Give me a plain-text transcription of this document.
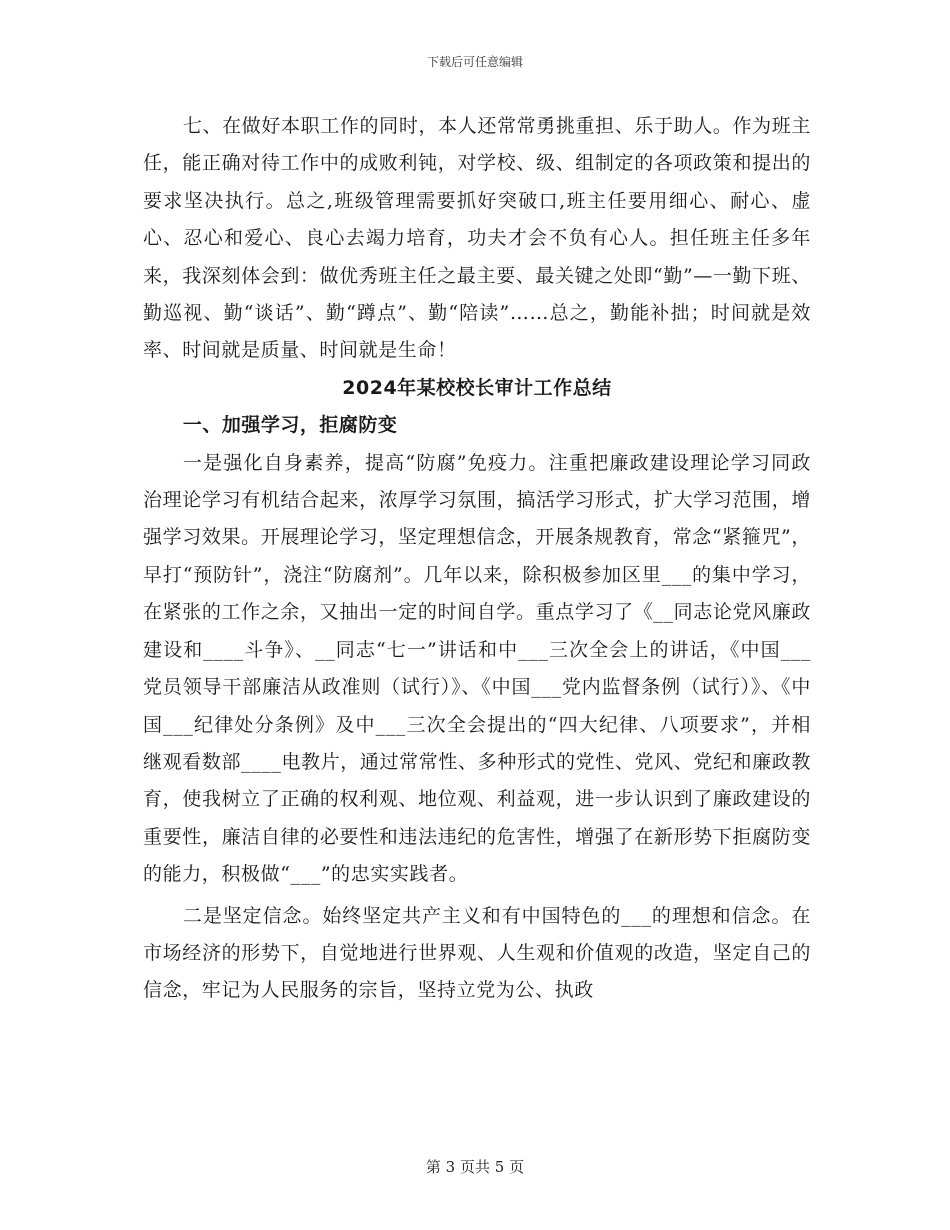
下载后可任意编辑

七、在做好本职工作的同时，本人还常常勇挑重担、乐于助人。作为班主任，能正确对待工作中的成败利钝，对学校、级、组制定的各项政策和提出的要求坚决执行。总之,班级管理需要抓好突破口,班主任要用细心、耐心、虚心、忍心和爱心、良心去竭力培育，功夫才会不负有心人。担任班主任多年来，我深刻体会到：做优秀班主任之最主要、最关键之处即“勤”—一勤下班、勤巡视、勤“谈话”、勤“蹲点”、勤“陪读”……总之，勤能补拙；时间就是效率、时间就是质量、时间就是生命！

2024年某校校长审计工作总结
一、加强学习，拒腐防变

一是强化自身素养，提高“防腐”免疫力。注重把廉政建设理论学习同政治理论学习有机结合起来，浓厚学习氛围，搞活学习形式，扩大学习范围，增强学习效果。开展理论学习，坚定理想信念，开展条规教育，常念“紧箍咒”，早打“预防针”，浇注“防腐剂”。几年以来，除积极参加区里___的集中学习，在紧张的工作之余，又抽出一定的时间自学。重点学习了《__同志论党风廉政建设和____斗争》、__同志“七一”讲话和中___三次全会上的讲话，《中国___党员领导干部廉洁从政准则（试行）》、《中国___党内监督条例（试行）》、《中国___纪律处分条例》及中___三次全会提出的“四大纪律、八项要求”，并相继观看数部____电教片，通过常常性、多种形式的党性、党风、党纪和廉政教育，使我树立了正确的权利观、地位观、利益观，进一步认识到了廉政建设的重要性，廉洁自律的必要性和违法违纪的危害性，增强了在新形势下拒腐防变的能力，积极做“___”的忠实实践者。

二是坚定信念。始终坚定共产主义和有中国特色的___的理想和信念。在市场经济的形势下，自觉地进行世界观、人生观和价值观的改造，坚定自己的信念，牢记为人民服务的宗旨，坚持立党为公、执政

第 3 页共 5 页
